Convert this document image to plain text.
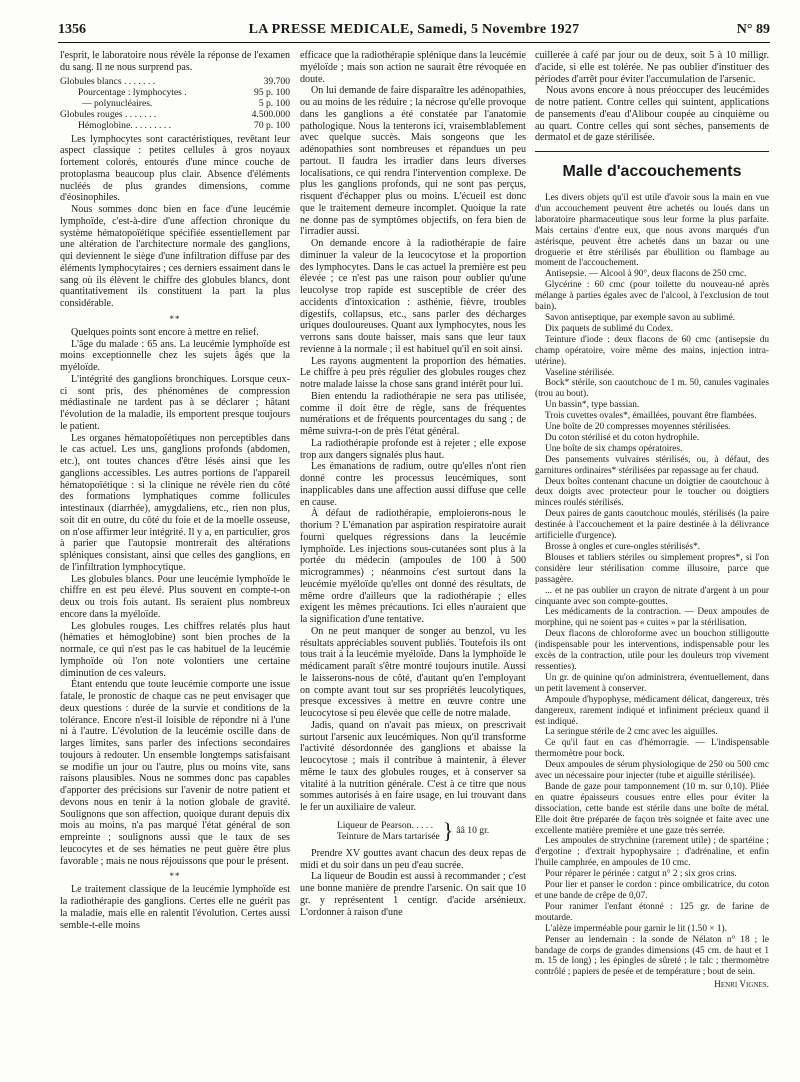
1356	LA PRESSE MEDICALE, Samedi, 5 Novembre 1927	N° 89

l'esprit, le laboratoire nous révèle la réponse de l'examen du sang. Il ne nous surprend pas.

Globules blancs . . . . . . .	39.700
Pourcentage : lymphocytes .	95 p. 100
— polynucléaires.	5 p. 100
Globules rouges . . . . . . .	4.500.000
Hémoglobine. . . . . . . . .	70 p. 100

Les lymphocytes sont caractéristiques, revêtant leur aspect classique : petites cellules à gros noyaux fortement colorés, entourés d'une mince couche de protoplasma beaucoup plus clair. Absence d'éléments nucléés de plus grandes dimensions, comme d'éosinophiles.

Nous sommes donc bien en face d'une leucémie lymphoïde, c'est-à-dire d'une affection chronique du système hématopoïétique spécifiée essentiellement par une altération de l'architecture normale des ganglions, qui deviennent le siège d'une infiltration diffuse par des éléments lymphocytaires ; ces derniers essaiment dans le sang où ils élèvent le chiffre des globules blancs, dont quantitativement ils constituent la part la plus considérable.

**

Quelques points sont encore à mettre en relief.

L'âge du malade : 65 ans. La leucémie lymphoïde est moins exceptionnelle chez les sujets âgés que la myéloïde.

L'intégrité des ganglions bronchiques. Lorsque ceux-ci sont pris, des phénomènes de compression médiastinale ne tardent pas à se déclarer ; hâtant l'évolution de la maladie, ils emportent presque toujours le patient.

Les organes hématopoïétiques non perceptibles dans le cas actuel. Les uns, ganglions profonds (abdomen, etc.), ont toutes chances d'être lésés ainsi que les ganglions accessibles. Les autres portions de l'appareil hématopoïétique : si la clinique ne révèle rien du côté des formations lymphatiques comme follicules intestinaux (diarrhée), amygdaliens, etc., rien non plus, soit dit en outre, du côté du foie et de la moelle osseuse, on n'ose affirmer leur intégrité. Il y a, en particulier, gros à parier que l'autopsie montrerait des altérations spléniques consistant, ainsi que celles des ganglions, en de l'infiltration lymphocytique.

Les globules blancs. Pour une leucémie lymphoïde le chiffre en est peu élevé. Plus souvent en compte-t-on deux ou trois fois autant. Ils seraient plus nombreux encore dans la myéloïde.

Les globules rouges. Les chiffres relatés plus haut (hématies et hémoglobine) sont bien proches de la normale, ce qui n'est pas le cas habituel de la leucémie lymphoïde où l'on note volontiers une certaine diminution de ces valeurs.

Étant entendu que toute leucémie comporte une issue fatale, le pronostic de chaque cas ne peut envisager que deux questions : durée de la survie et conditions de la tolérance. Encore n'est-il loisible de répondre ni à l'une ni à l'autre. L'évolution de la leucémie oscille dans de larges limites, sans parler des infections secondaires toujours à redouter. Un ensemble longtemps satisfaisant se modifie un jour ou l'autre, plus ou moins vite, sans raisons plausibles. Nous ne sommes donc pas capables d'apporter des précisions sur l'avenir de notre patient et devons nous en tenir à la notion globale de gravité. Soulignons que son affection, quoique durant depuis dix mois au moins, n'a pas marqué l'état général de son empreinte ; soulignons aussi que le taux de ses leucocytes et de ses hématies ne peut guère être plus favorable ; mais ne nous réjouissons que pour le présent.

**

Le traitement classique de la leucémie lymphoïde est la radiothérapie des ganglions. Certes elle ne guérit pas la maladie, mais elle en ralentit l'évolution. Certes aussi semble-t-elle moins

efficace que la radiothérapie splénique dans la leucémie myéloïde ; mais son action ne saurait être révoquée en doute.

On lui demande de faire disparaître les adénopathies, ou au moins de les réduire ; la nécrose qu'elle provoque dans les ganglions a été constatée par l'anatomie pathologique. Nous la tenterons ici, vraisemblablement avec quelque succès. Mais songeons que les adénopathies sont nombreuses et répandues un peu partout. Il faudra les irradier dans leurs diverses localisations, ce qui rendra l'intervention complexe. De plus les ganglions profonds, qui ne sont pas perçus, risquent d'échapper plus ou moins. L'écueil est donc que le traitement demeure incomplet. Quoique la rate ne donne pas de symptômes objectifs, on fera bien de l'irradier aussi.

On demande encore à la radiothérapie de faire diminuer la valeur de la leucocytose et la proportion des lymphocytes. Dans le cas actuel la première est peu élevée ; ce n'est pas une raison pour oublier qu'une leucolyse trop rapide est susceptible de créer des accidents d'intoxication : asthénie, fièvre, troubles digestifs, collapsus, etc., sans parler des décharges uriques douloureuses. Quant aux lymphocytes, nous les verrons sans doute baisser, mais sans que leur taux revienne à la normale ; il est habituel qu'il en soit ainsi.

Les rayons augmentent la proportion des hématies. Le chiffre à peu près régulier des globules rouges chez notre malade laisse la chose sans grand intérêt pour lui.

Bien entendu la radiothérapie ne sera pas utilisée, comme il doit être de règle, sans de fréquentes numérations et de fréquents pourcentages du sang ; de même suivra-t-on de près l'état général.

La radiothérapie profonde est à rejeter ; elle expose trop aux dangers signalés plus haut.

Les émanations de radium, outre qu'elles n'ont rien donné contre les processus leucémiques, sont inapplicables dans une affection aussi diffuse que celle en cause.

À défaut de radiothérapie, emploierons-nous le thorium ? L'émanation par aspiration respiratoire aurait fourni quelques régressions dans la leucémie lymphoïde. Les injections sous-cutanées sont plus à la portée du médecin (ampoules de 100 à 500 microgrammes) ; néanmoins c'est surtout dans la leucémie myéloïde qu'elles ont donné des résultats, de même ordre d'ailleurs que la radiothérapie ; elles exigent les mêmes précautions. Ici elles n'auraient que la signification d'une tentative.

On ne peut manquer de songer au benzol, vu les résultats appréciables souvent publiés. Toutefois ils ont tous trait à la leucémie myéloïde. Dans la lymphoïde le médicament paraît s'être montré toujours inutile. Aussi le laisserons-nous de côté, d'autant qu'en l'employant on compte avant tout sur ses propriétés leucolytiques, presque excessives à mettre en œuvre contre une leucocytose si peu élevée que celle de notre malade.

Jadis, quand on n'avait pas mieux, on prescrivait surtout l'arsenic aux leucémiques. Non qu'il transforme l'activité désordonnée des ganglions et abaisse la leucocytose ; mais il contribue à maintenir, à élever même le taux des globules rouges, et à conserver sa vitalité à la nutrition générale. C'est à ce titre que nous sommes autorisés à en faire usage, en lui trouvant dans le fer un auxiliaire de valeur.

Liqueur de Pearson. . . . .
Teinture de Mars tartarisée } ââ 10 gr.

Prendre XV gouttes avant chacun des deux repas de midi et du soir dans un peu d'eau sucrée.

La liqueur de Boudin est aussi à recommander ; c'est une bonne manière de prendre l'arsenic. On sait que 10 gr. y représentent 1 centigr. d'acide arsénieux. L'ordonner à raison d'une

cuillerée à café par jour ou de deux, soit 5 à 10 milligr. d'acide, si elle est tolérée. Ne pas oublier d'instituer des périodes d'arrêt pour éviter l'accumulation de l'arsenic.

Nous avons encore à nous préoccuper des leucémides de notre patient. Contre celles qui suintent, applications de pansements d'eau d'Alibour coupée au cinquième ou au quart. Contre celles qui sont sèches, pansements de dermatol et de gaze stérilisée.

Malle d'accouchements

Les divers objets qu'il est utile d'avoir sous la main en vue d'un accouchement peuvent être achetés ou loués dans un laboratoire pharmaceutique sous leur forme la plus parfaite. Mais certains d'entre eux, que nous avons marqués d'un astérisque, peuvent être achetés dans un bazar ou une droguerie et être stérilisés par ébullition ou flambage au moment de l'accouchement.

Antisepsie. — Alcool à 90°, deux flacons de 250 cmc.

Glycérine : 60 cmc (pour toilette du nouveau-né après mélange à parties égales avec de l'alcool, à l'exclusion de tout bain).

Savon antiseptique, par exemple savon au sublimé.

Dix paquets de sublimé du Codex.

Teinture d'iode : deux flacons de 60 cmc (antisepsie du champ opératoire, voire même des mains, injection intra-utérine).

Vaseline stérilisée.

Bock* stérile, son caoutchouc de 1 m. 50, canules vaginales (trou au bout).

Un bassin*, type bassian.

Trois cuvettes ovales*, émaillées, pouvant être flambées.

Une boîte de 20 compresses moyennes stérilisées.

Du coton stérilisé et du coton hydrophile.

Une boîte de six champs opératoires.

Des pansements vulvaires stérilisés, ou, à défaut, des garnitures ordinaires* stérilisées par repassage au fer chaud.

Deux boîtes contenant chacune un doigtier de caoutchouc à deux doigts avec protecteur pour le toucher ou doigtiers minces roulés stérilisés.

Deux paires de gants caoutchouc moulés, stérilisés (la paire destinée à l'accouchement et la paire destinée à la délivrance artificielle d'urgence).

Brosse à ongles et cure-ongles stérilisés*.

Blouses et tabliers stériles ou simplement propres*, si l'on considère leur stérilisation comme illusoire, parce que passagère.

... et ne pas oublier un crayon de nitrate d'argent à un pour cinquante avec son compte-gouttes.

Les médicaments de la contraction. — Deux ampoules de morphine, qui ne soient pas « cuites » par la stérilisation.

Deux flacons de chloroforme avec un bouchon stilligoutte (indispensable pour les interventions, indispensable pour les excès de la contraction, utile pour les douleurs trop vivement ressenties).

Un gr. de quinine qu'on administrera, éventuellement, dans un petit lavement à conserver.

Ampoule d'hypophyse, médicament délicat, dangereux, très dangereux, rarement indiqué et infiniment précieux quand il est indiqué.

La seringue stérile de 2 cmc avec les aiguilles.

Ce qu'il faut en cas d'hémorragie. — L'indispensable thermomètre pour bock.

Deux ampoules de sérum physiologique de 250 ou 500 cmc avec un nécessaire pour injecter (tube et aiguille stérilisée).

Bande de gaze pour tamponnement (10 m. sur 0,10). Pliée en quatre épaisseurs cousues entre elles pour éviter la dissociation, cette bande est stérile dans une boîte de métal. Elle doit être préparée de façon très soignée et faite avec une excellente matière première et une gaze très serrée.

Les ampoules de strychnine (rarement utile) ; de spartéine ; d'ergotine ; d'extrait hypophysaire ; d'adrénaline, et enfin l'huile camphrée, en ampoules de 10 cmc.

Pour réparer le périnée : catgut n° 2 ; six gros crins.

Pour lier et panser le cordon : pince ombilicatrice, du coton et une bande de crêpe de 0,07.

Pour ranimer l'enfant étonné : 125 gr. de farine de moutarde.

L'alèze imperméable pour garnir le lit (1.50 × 1).

Penser au lendemain : la sonde de Nélaton n° 18 ; le bandage de corps de grandes dimensions (45 cm. de haut et 1 m. 15 de long) ; les épingles de sûreté ; le talc ; thermomètre contrôlé ; papiers de pesée et de température ; bout de sein.

Henri Vignes.
